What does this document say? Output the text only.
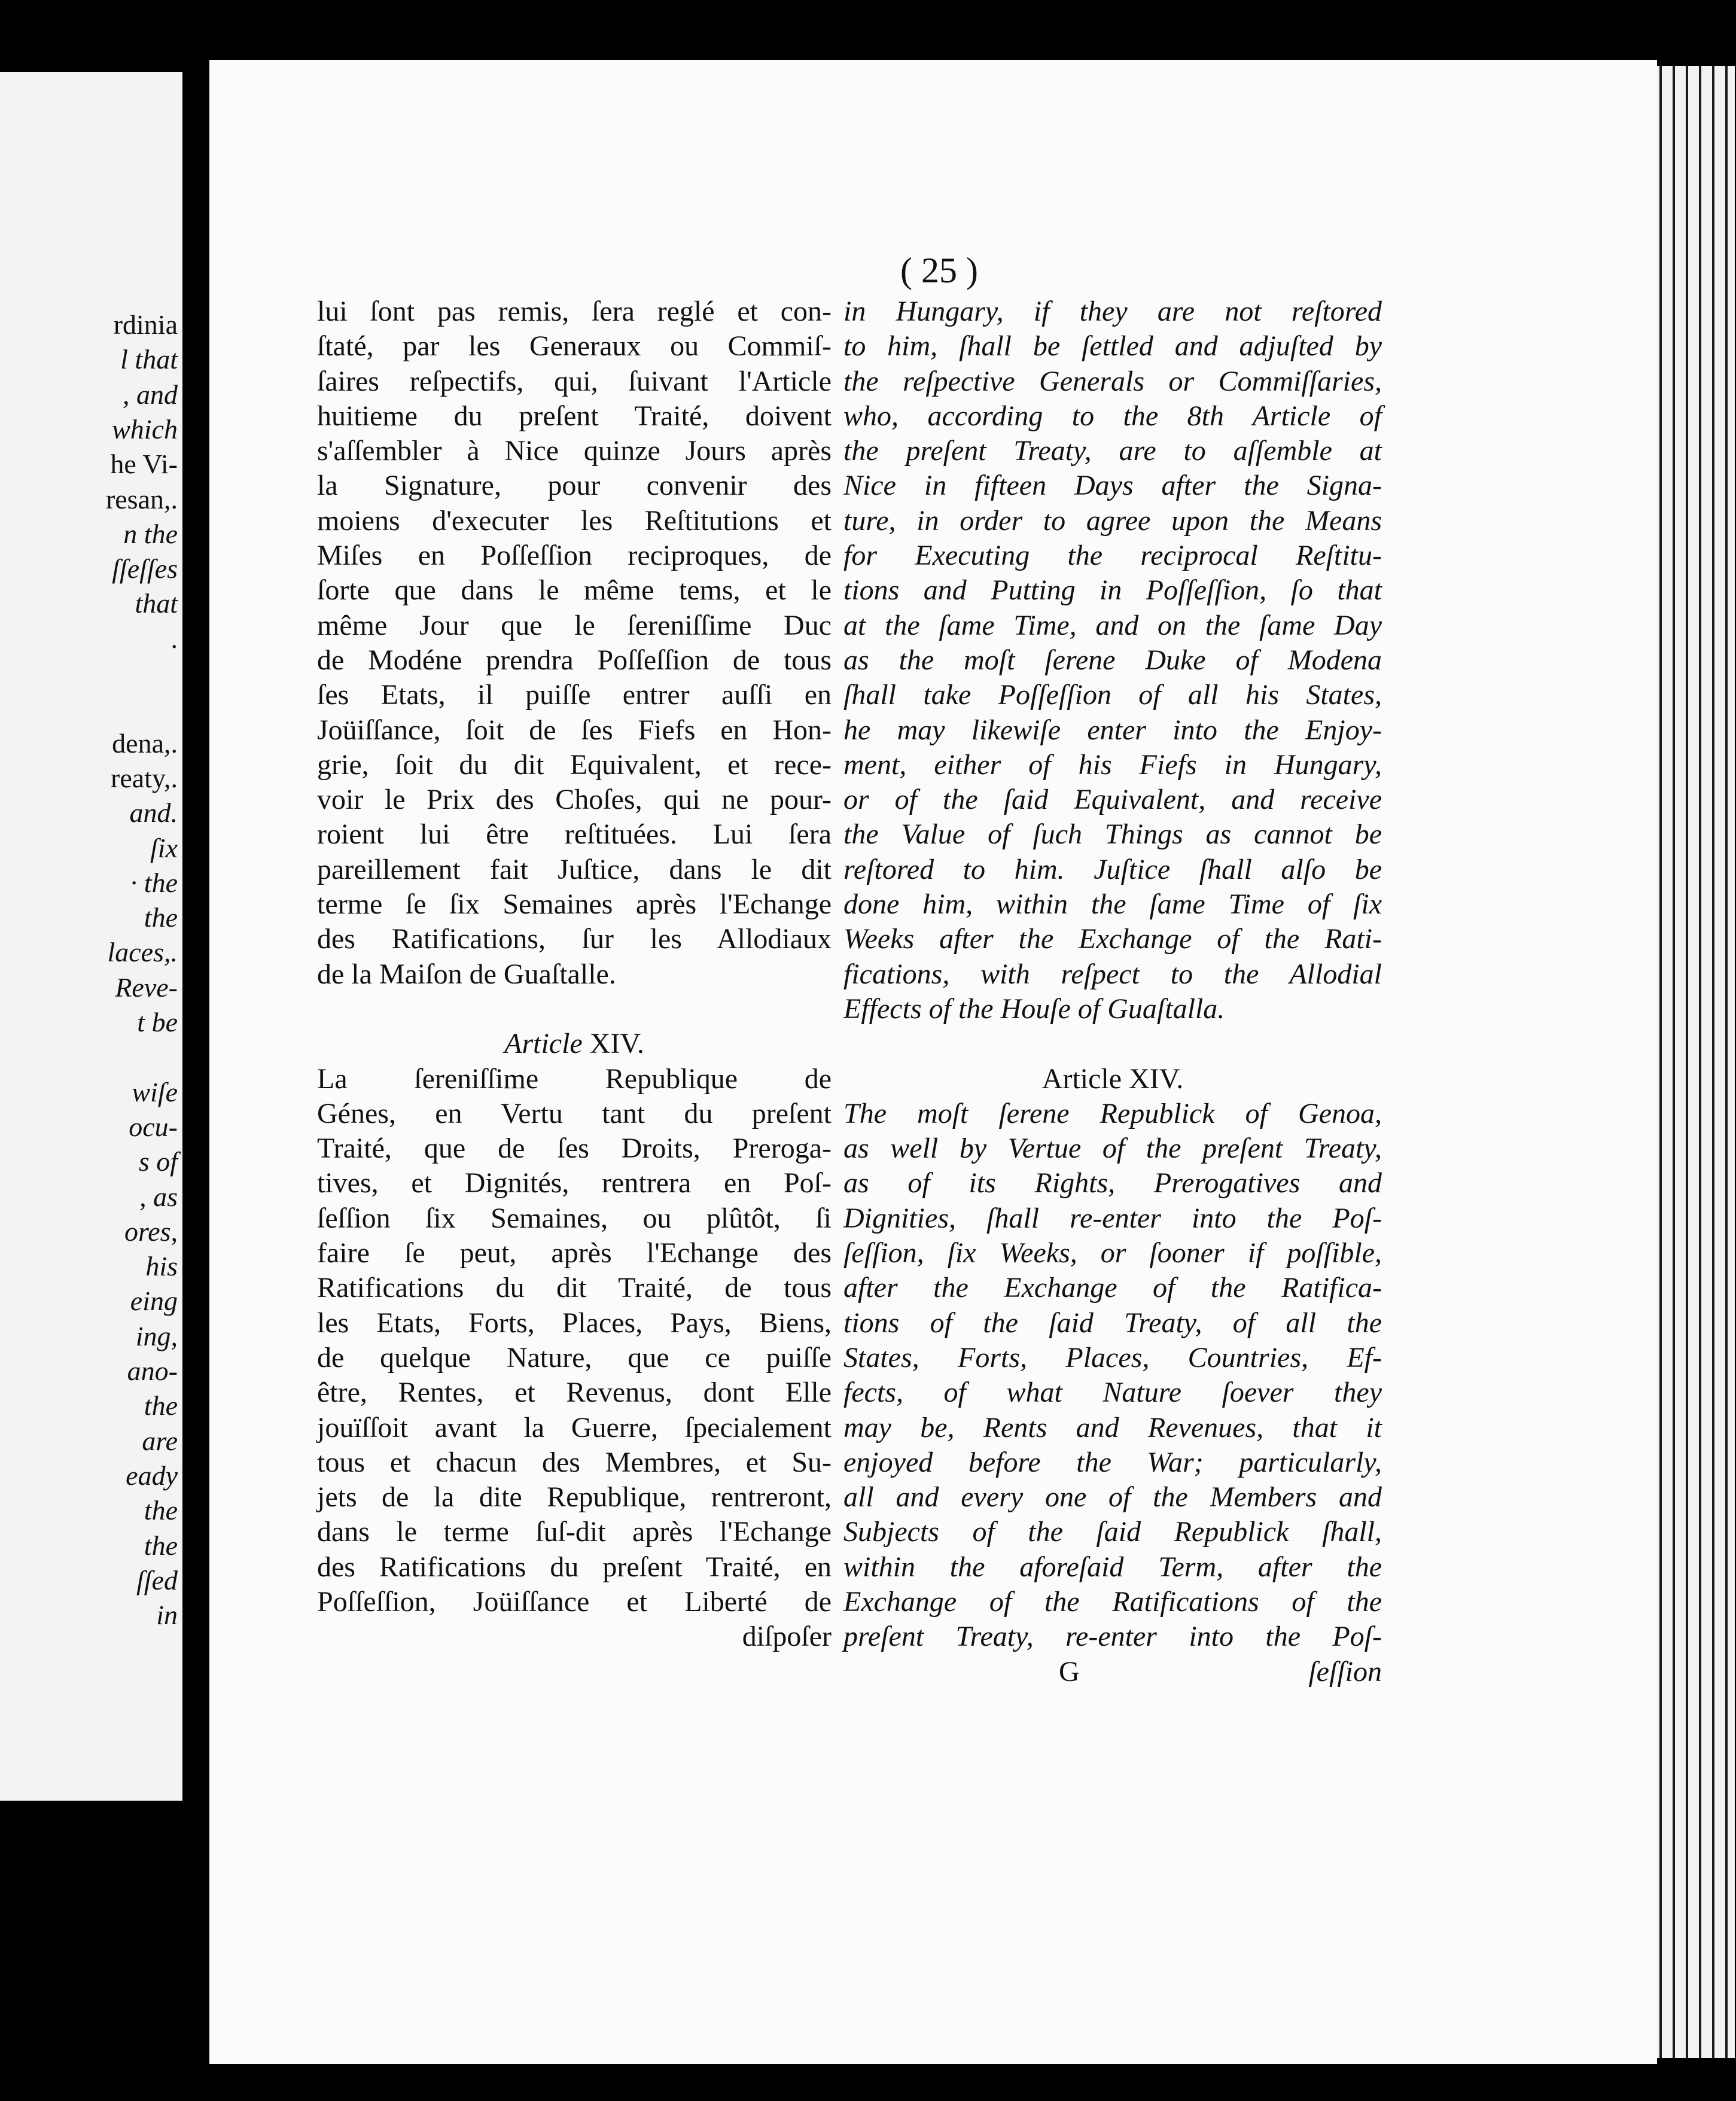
rdinia
l that
, and
which
he Vi-
resan,.
n the
ſſeſſes
that
.
dena,.
reaty,.
and.
ſix
· the
the
laces,.
Reve-
t be
wiſe
ocu-
s of
, as
ores,
his
eing
ing,
ano-
the
are
eady
the
the
ſſed
in
( 25 )
lui ſont pas remis, ſera reglé et con-
ſtaté, par les Generaux ou Commiſ-
ſaires reſpectifs, qui, ſuivant l'Article
huitieme du preſent Traité, doivent
s'aſſembler à Nice quinze Jours après
la Signature, pour convenir des
moiens d'executer les Reſtitutions et
Miſes en Poſſeſſion reciproques, de
ſorte que dans le même tems, et le
même Jour que le ſereniſſime Duc
de Modéne prendra Poſſeſſion de tous
ſes Etats, il puiſſe entrer auſſi en
Joüiſſance, ſoit de ſes Fiefs en Hon-
grie, ſoit du dit Equivalent, et rece-
voir le Prix des Choſes, qui ne pour-
roient lui être reſtituées. Lui ſera
pareillement fait Juſtice, dans le dit
terme ſe ſix Semaines après l'Echange
des Ratifications, ſur les Allodiaux
de la Maiſon de Guaſtalle.
Article XIV.
La ſereniſſime Republique de
Génes, en Vertu tant du preſent
Traité, que de ſes Droits, Preroga-
tives, et Dignités, rentrera en Poſ-
ſeſſion ſix Semaines, ou plûtôt, ſi
faire ſe peut, après l'Echange des
Ratifications du dit Traité, de tous
les Etats, Forts, Places, Pays, Biens,
de quelque Nature, que ce puiſſe
être, Rentes, et Revenus, dont Elle
jouïſſoit avant la Guerre, ſpecialement
tous et chacun des Membres, et Su-
jets de la dite Republique, rentreront,
dans le terme ſuſ-dit après l'Echange
des Ratifications du preſent Traité, en
Poſſeſſion, Joüiſſance et Liberté de
diſpoſer
in Hungary, if they are not reſtored
to him, ſhall be ſettled and adjuſted by
the reſpective Generals or Commiſſaries,
who, according to the 8th Article of
the preſent Treaty, are to aſſemble at
Nice in fifteen Days after the Signa-
ture, in order to agree upon the Means
for Executing the reciprocal Reſtitu-
tions and Putting in Poſſeſſion, ſo that
at the ſame Time, and on the ſame Day
as the moſt ſerene Duke of Modena
ſhall take Poſſeſſion of all his States,
he may likewiſe enter into the Enjoy-
ment, either of his Fiefs in Hungary,
or of the ſaid Equivalent, and receive
the Value of ſuch Things as cannot be
reſtored to him. Juſtice ſhall alſo be
done him, within the ſame Time of ſix
Weeks after the Exchange of the Rati-
fications, with reſpect to the Allodial
Effects of the Houſe of Guaſtalla.
Article XIV.
The moſt ſerene Republick of Genoa,
as well by Vertue of the preſent Treaty,
as of its Rights, Prerogatives and
Dignities, ſhall re-enter into the Poſ-
ſeſſion, ſix Weeks, or ſooner if poſſible,
after the Exchange of the Ratifica-
tions of the ſaid Treaty, of all the
States, Forts, Places, Countries, Ef-
fects, of what Nature ſoever they
may be, Rents and Revenues, that it
enjoyed before the War; particularly,
all and every one of the Members and
Subjects of the ſaid Republick ſhall,
within the aforeſaid Term, after the
Exchange of the Ratifications of the
preſent Treaty, re-enter into the Poſ-
G	ſeſſion
